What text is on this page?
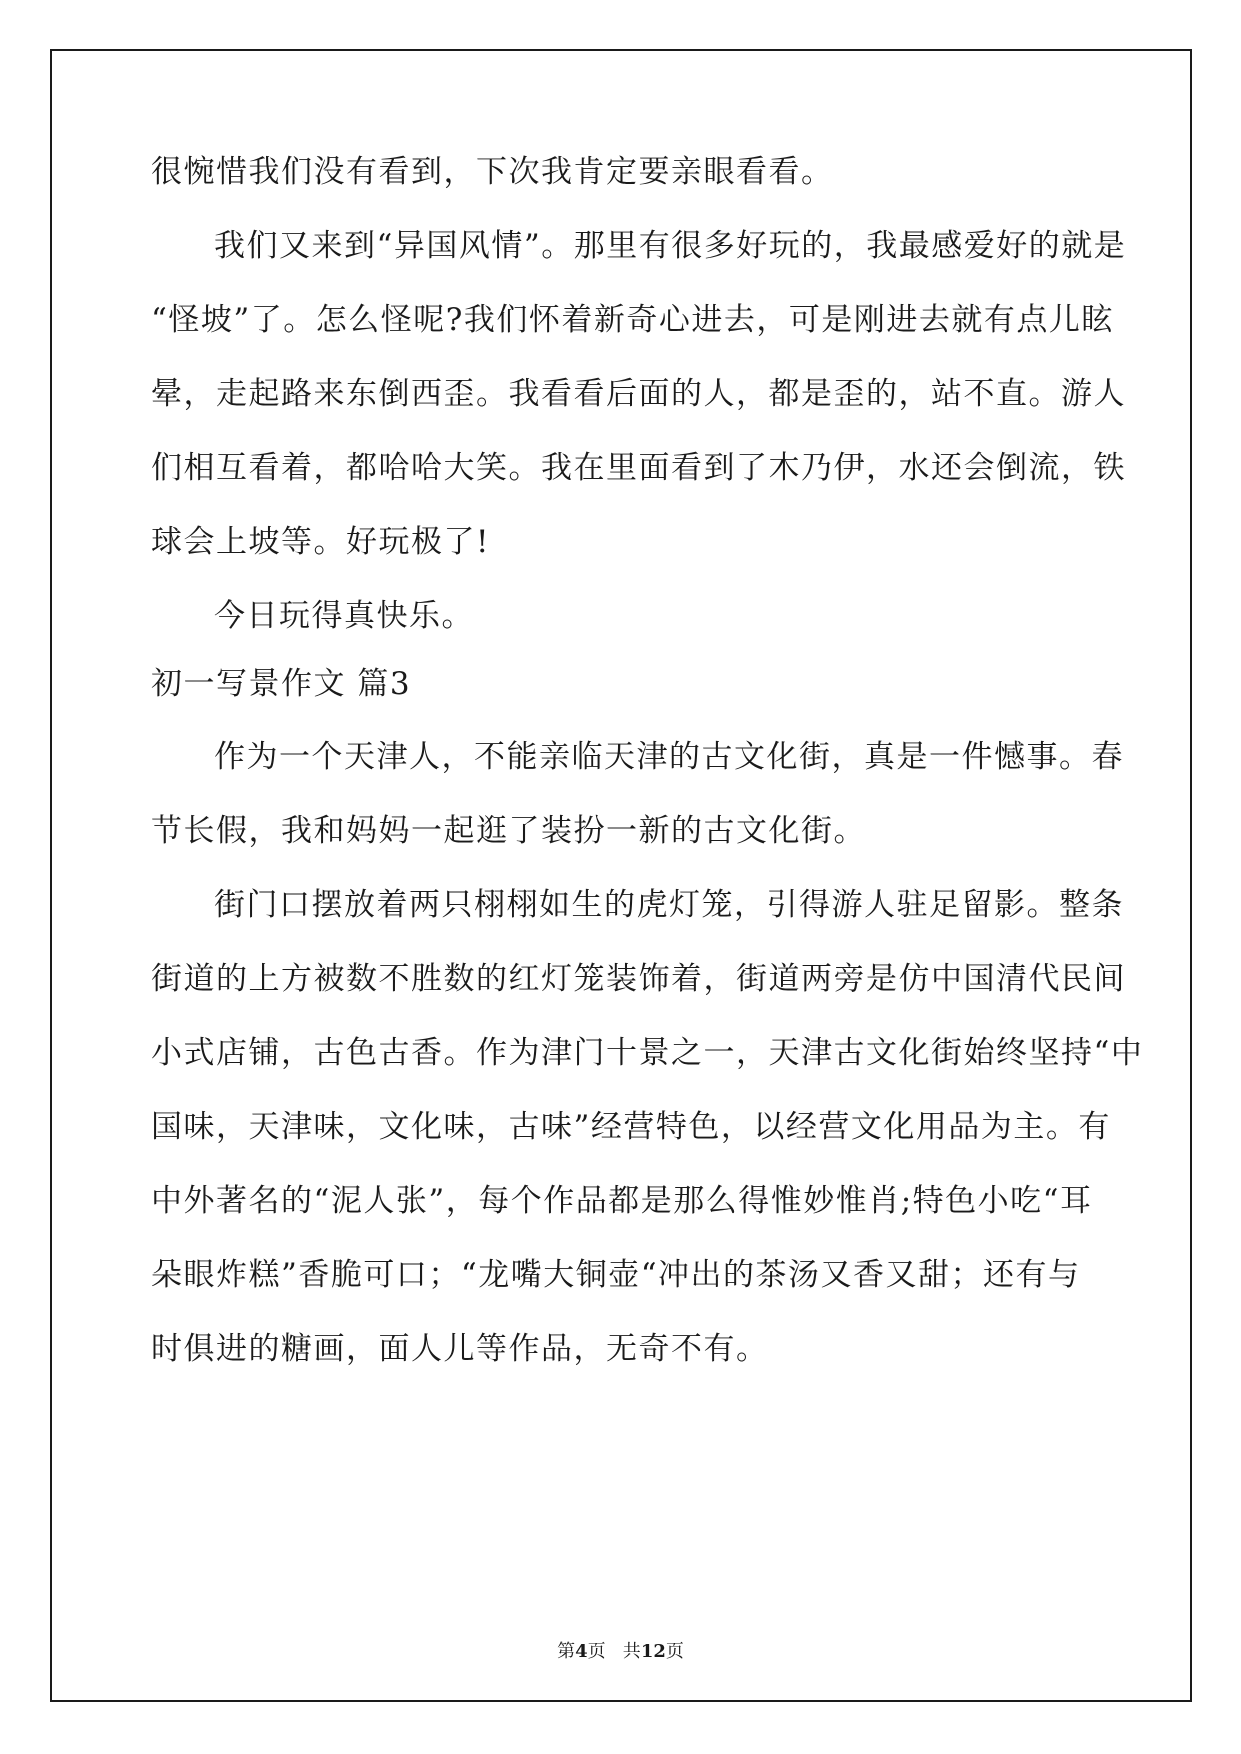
很惋惜我们没有看到，下次我肯定要亲眼看看。
我们又来到“异国风情”。那里有很多好玩的，我最感爱好的就是
“怪坡”了。怎么怪呢?我们怀着新奇心进去，可是刚进去就有点儿眩
晕，走起路来东倒西歪。我看看后面的人，都是歪的，站不直。游人
们相互看着，都哈哈大笑。我在里面看到了木乃伊，水还会倒流，铁
球会上坡等。好玩极了!
今日玩得真快乐。
初一写景作文 篇3
作为一个天津人，不能亲临天津的古文化街，真是一件憾事。春
节长假，我和妈妈一起逛了装扮一新的古文化街。
街门口摆放着两只栩栩如生的虎灯笼，引得游人驻足留影。整条
街道的上方被数不胜数的红灯笼装饰着，街道两旁是仿中国清代民间
小式店铺，古色古香。作为津门十景之一，天津古文化街始终坚持“中
国味，天津味，文化味，古味”经营特色，以经营文化用品为主。有
中外著名的“泥人张”，每个作品都是那么得惟妙惟肖;特色小吃“耳
朵眼炸糕”香脆可口；“龙嘴大铜壶“冲出的茶汤又香又甜；还有与
时俱进的糖画，面人儿等作品，无奇不有。
第4页   共12页
